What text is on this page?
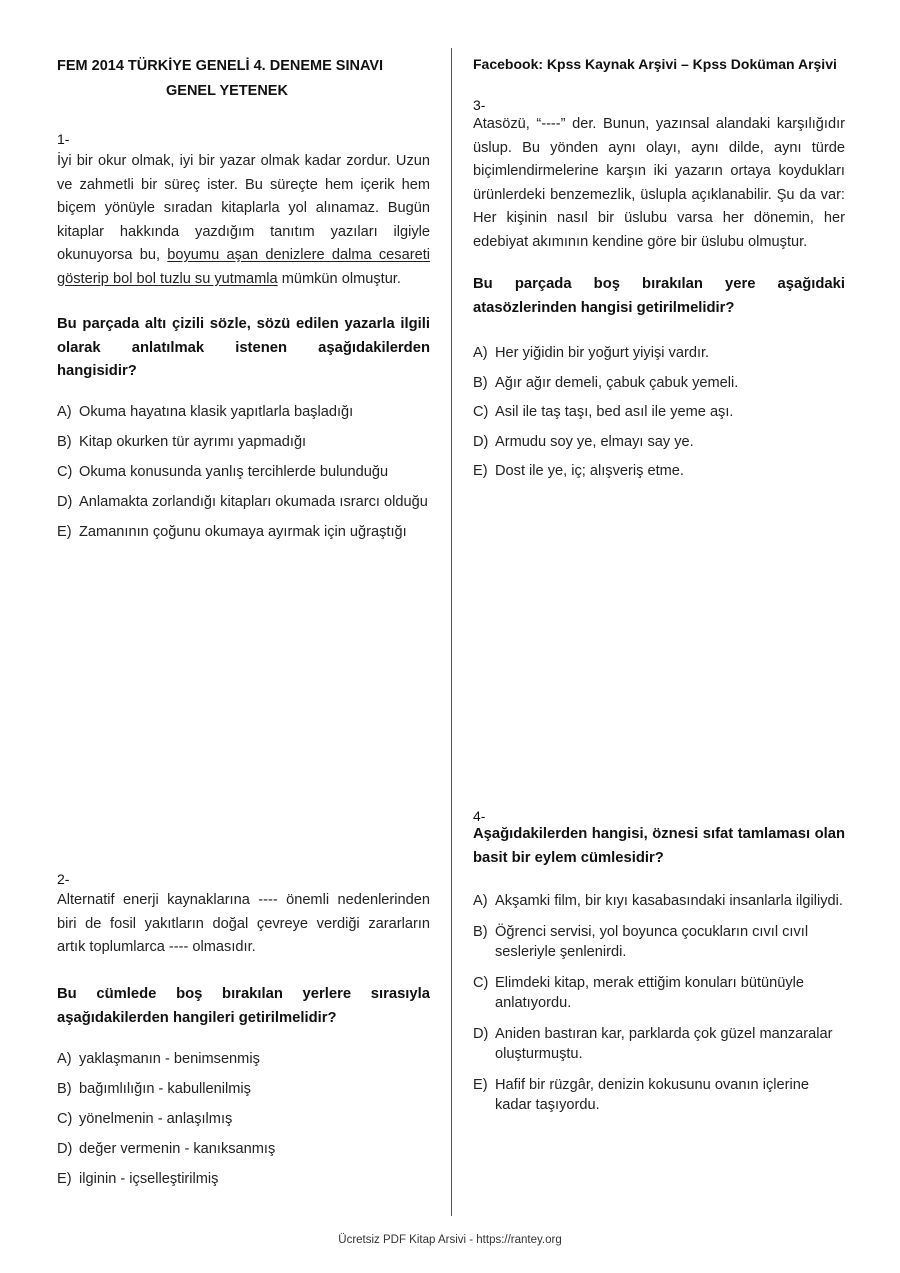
FEM 2014 TÜRKİYE GENELİ 4. DENEME SINAVI
GENEL YETENEK
Facebook: Kpss Kaynak Arşivi – Kpss Doküman Arşivi
1-
İyi bir okur olmak, iyi bir yazar olmak kadar zordur. Uzun ve zahmetli bir süreç ister. Bu süreçte hem içerik hem biçem yönüyle sıradan kitaplarla yol alınamaz. Bugün kitaplar hakkında yazdığım tanıtım yazıları ilgiyle okunuyorsa bu, boyumu aşan denizlere dalma cesareti gösterip bol bol tuzlu su yutmamla mümkün olmuştur.
Bu parçada altı çizili sözle, sözü edilen yazarla ilgili olarak anlatılmak istenen aşağıdakilerden hangisidir?
A) Okuma hayatına klasik yapıtlarla başladığı
B) Kitap okurken tür ayrımı yapmadığı
C) Okuma konusunda yanlış tercihlerde bulunduğu
D) Anlamakta zorlandığı kitapları okumada ısrarcı olduğu
E) Zamanının çoğunu okumaya ayırmak için uğraştığı
2-
Alternatif enerji kaynaklarına ---- önemli nedenlerinden biri de fosil yakıtların doğal çevreye verdiği zararların artık toplumlarca ---- olmasıdır.
Bu cümlede boş bırakılan yerlere sırasıyla aşağıdakilerden hangileri getirilmelidir?
A) yaklaşmanın - benimsenmiş
B) bağımlılığın - kabullenilmiş
C) yönelmenin - anlaşılmış
D) değer vermenin - kanıksanmış
E) ilginin - içselleştirilmiş
3-
Atasözü, “----” der. Bunun, yazınsal alandaki karşılığıdır üslup. Bu yönden aynı olayı, aynı dilde, aynı türde biçimlendirmelerine karşın iki yazarın ortaya koydukları ürünlerdeki benzemezlik, üslupla açıklanabilir. Şu da var: Her kişinin nasıl bir üslubu varsa her dönemin, her edebiyat akımının kendine göre bir üslubu olmuştur.
Bu parçada boş bırakılan yere aşağıdaki atasözlerinden hangisi getirilmelidir?
A) Her yiğidin bir yoğurt yiyişi vardır.
B) Ağır ağır demeli, çabuk çabuk yemeli.
C) Asil ile taş taşı, bed asıl ile yeme aşı.
D) Armudu soy ye, elmayı say ye.
E) Dost ile ye, iç; alışveriş etme.
4-
Aşağıdakilerden hangisi, öznesi sıfat tamlaması olan basit bir eylem cümlesidir?
A) Akşamki film, bir kıyı kasabasındaki insanlarla ilgiliydi.
B) Öğrenci servisi, yol boyunca çocukların cıvıl cıvıl sesleriyle şenlenirdi.
C) Elimdeki kitap, merak ettiğim konuları bütünüyle anlatıyordu.
D) Aniden bastıran kar, parklarda çok güzel manzaralar oluşturmuştu.
E) Hafif bir rüzgâr, denizin kokusunu ovanın içlerine kadar taşıyordu.
Ücretsiz PDF Kitap Arsivi - https://rantey.org
